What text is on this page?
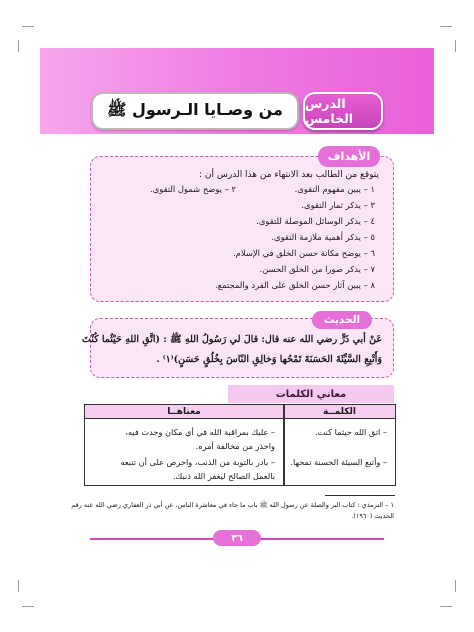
الدرس الخامس
من وصـايا الـرسول ﷺ
الأهداف
يتوقع من الطالب بعد الانتهاء من هذا الدرس أن :
١ – يبين مفهوم التقوى.
٢ – يوضح شمول التقوى.
٣ – يذكر ثمار التقوى.
٤ – يذكر الوسائل الموصلة للتقوى.
٥ – يذكر أهمية ملازمة التقوى.
٦ – يوضح مكانة حسن الخلق في الإسلام.
٧ – يذكر صورا من الخلق الحسن.
٨ – يبين آثار حسن الخلق على الفرد والمجتمع.
الحديث
عَنْ أبي ذَرٍّ رضي الله عنه قال: قالَ لي رَسُولُ اللهِ ﷺ : (اتَّقِ اللهِ حَيْثُما كُنْتَ
وَأَتْبِعِ السَّيِّئَةَ الحَسَنَةَ تَمْحُها وَخالِقِ النّاسَ بِخُلُقٍ حَسَنٍ)⁽١⁾ .
معاني الكلمات
الكلمــة
معناهــا
– اتق الله حيثما كنت.
– عليك بمراقبة الله في أي مكان وجدت فيه،
واحذر من مخالفة أمره.
– وأتبع السيئة الحسنة تمحها.
– بادر بالتوبة من الذنب، واحرص على أن تتبعه
بالعمل الصالح ليغفر الله ذنبك.
١ – الترمذي : كتاب البر والصلة عن رسول الله ﷺ باب ما جاء في معاشرة الناس، عن أبي ذر الغفاري رضي الله عنه رقم
الحديث (١٩٦٠).
٣٦
